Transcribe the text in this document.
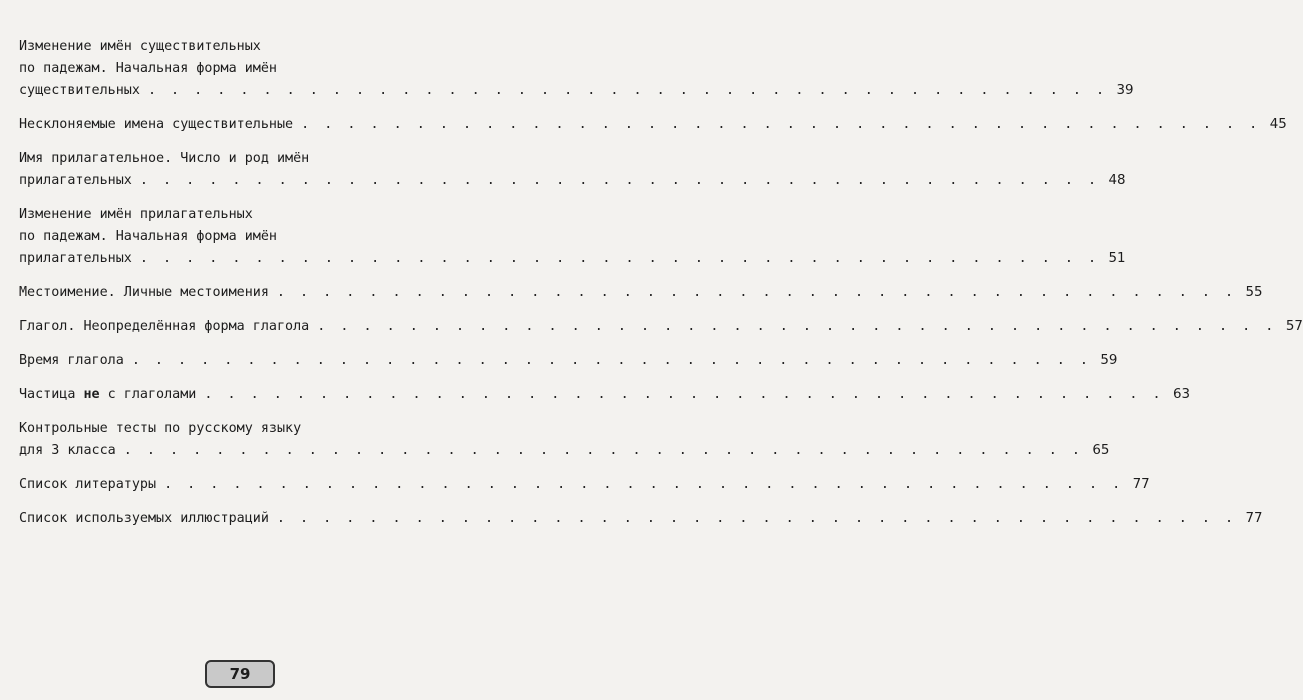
Изменение имён существительных
по падежам. Начальная форма имён
существительных . . . . . . . . . . . . . . . . . . . . . . . . . . . . . . . . . . . . . . . . . . 39
Несклоняемые имена существительные . . . . . . . . . . . . . . . . . . . . . . . . . . . . . . . . . . . . . . . . . . 45
Имя прилагательное. Число и род имён
прилагательных . . . . . . . . . . . . . . . . . . . . . . . . . . . . . . . . . . . . . . . . . . 48
Изменение имён прилагательных
по падежам. Начальная форма имён
прилагательных . . . . . . . . . . . . . . . . . . . . . . . . . . . . . . . . . . . . . . . . . . 51
Местоимение. Личные местоимения . . . . . . . . . . . . . . . . . . . . . . . . . . . . . . . . . . . . . . . . . . 55
Глагол. Неопределённая форма глагола . . . . . . . . . . . . . . . . . . . . . . . . . . . . . . . . . . . . . . . . . . 57
Время глагола . . . . . . . . . . . . . . . . . . . . . . . . . . . . . . . . . . . . . . . . . . 59
Частица не с глаголами . . . . . . . . . . . . . . . . . . . . . . . . . . . . . . . . . . . . . . . . . . 63
Контрольные тесты по русскому языку
для 3 класса . . . . . . . . . . . . . . . . . . . . . . . . . . . . . . . . . . . . . . . . . . 65
Список литературы . . . . . . . . . . . . . . . . . . . . . . . . . . . . . . . . . . . . . . . . . . 77
Список используемых иллюстраций . . . . . . . . . . . . . . . . . . . . . . . . . . . . . . . . . . . . . . . . . . 77
79
